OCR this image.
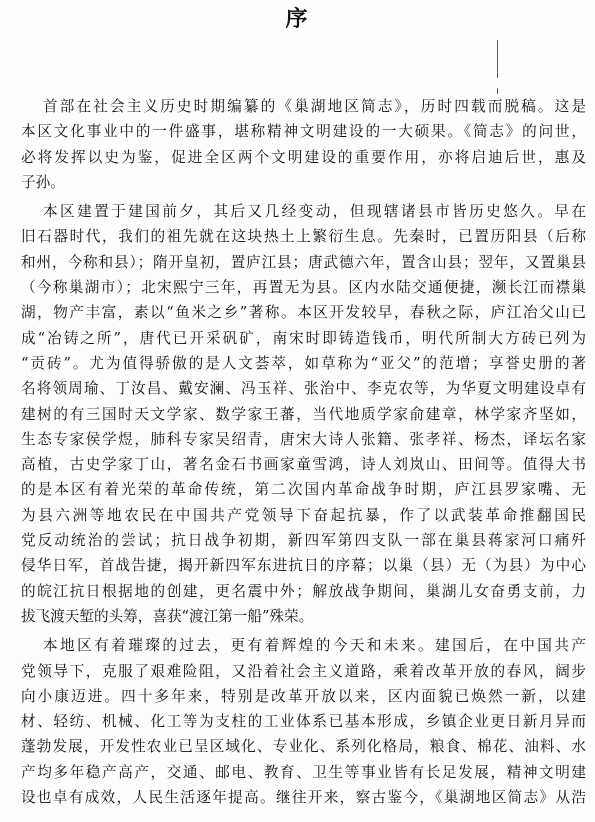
序
首部在社会主义历史时期编纂的《巢湖地区简志》，历时四载而脱稿。这是
本区文化事业中的一件盛事，堪称精神文明建设的一大硕果。《简志》的问世，
必将发挥以史为鉴，促进全区两个文明建设的重要作用，亦将启迪后世，惠及
子孙。
本区建置于建国前夕，其后又几经变动，但现辖诸县市皆历史悠久。早在
旧石器时代，我们的祖先就在这块热土上繁衍生息。先秦时，已置历阳县（后称
和州，今称和县）；隋开皇初，置庐江县；唐武德六年，置含山县；翌年，又置巢县
（今称巢湖市）；北宋熙宁三年，再置无为县。区内水陆交通便捷，濒长江而襟巢
湖，物产丰富，素以“鱼米之乡”著称。本区开发较早，春秋之际，庐江冶父山已
成“冶铸之所”，唐代已开采矾矿，南宋时即铸造钱币，明代所制大方砖已列为
“贡砖”。尤为值得骄傲的是人文荟萃，如草称为“亚父”的范增；享誉史册的著
名将领周瑜、丁汝昌、戴安澜、冯玉祥、张治中、李克农等，为华夏文明建设卓有
建树的有三国时天文学家、数学家王蕃，当代地质学家俞建章，林学家齐坚如，
生态专家侯学煜，肺科专家吴绍青，唐宋大诗人张籍、张孝祥、杨杰，译坛名家
高植，古史学家丁山，著名金石书画家童雪鸿，诗人刘岚山、田间等。值得大书
的是本区有着光荣的革命传统，第二次国内革命战争时期，庐江县罗家嘴、无
为县六洲等地农民在中国共产党领导下奋起抗暴，作了以武装革命推翻国民
党反动统治的尝试；抗日战争初期，新四军第四支队一部在巢县蒋家河口痛歼
侵华日军，首战告捷，揭开新四军东进抗日的序幕；以巢（县）无（为县）为中心
的皖江抗日根据地的创建，更名震中外；解放战争期间，巢湖儿女奋勇支前，力
拔飞渡天堑的头筹，喜获“渡江第一船”殊荣。
本地区有着璀璨的过去，更有着辉煌的今天和未来。建国后，在中国共产
党领导下，克服了艰难险阻，又沿着社会主义道路，乘着改革开放的春风，阔步
向小康迈进。四十多年来，特别是改革开放以来，区内面貌已焕然一新，以建
材、轻纺、机械、化工等为支柱的工业体系已基本形成，乡镇企业更日新月异而
蓬勃发展，开发性农业已呈区域化、专业化、系列化格局，粮食、棉花、油料、水
产均多年稳产高产，交通、邮电、教育、卫生等事业皆有长足发展，精神文明建
设也卓有成效，人民生活逐年提高。继往开来，察古鉴今，《巢湖地区简志》从浩
